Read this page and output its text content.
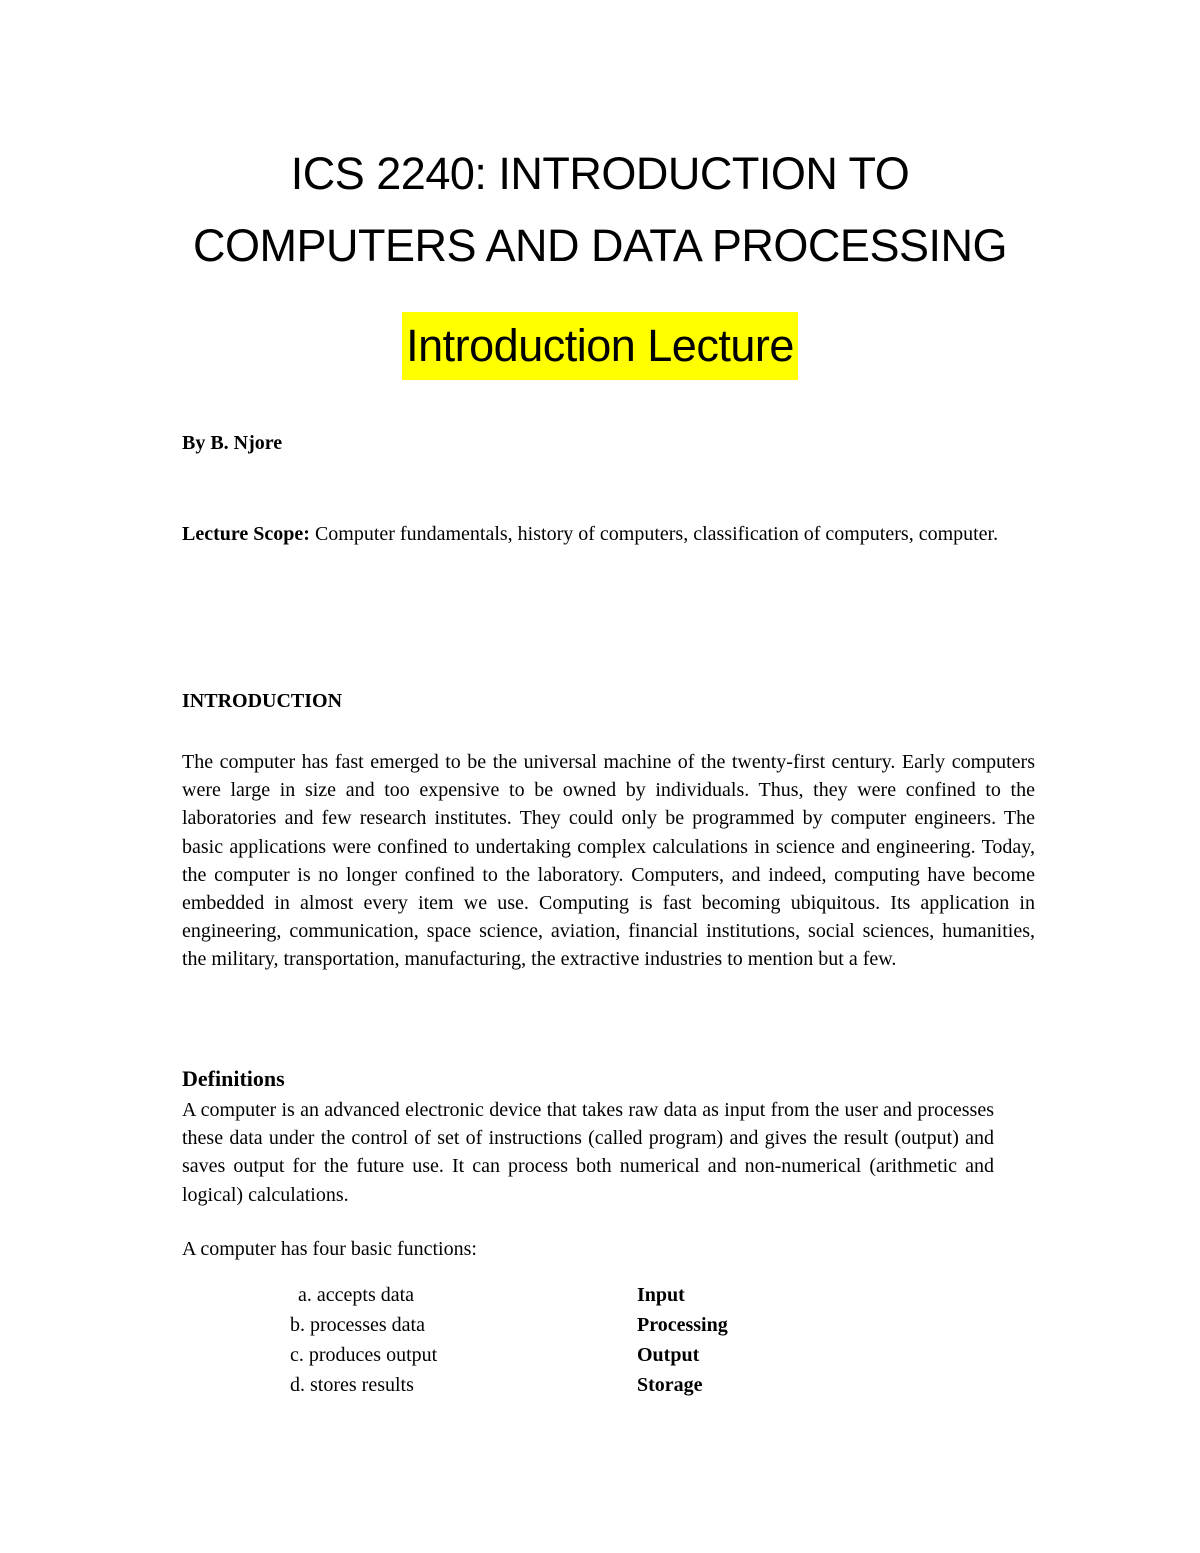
ICS 2240: INTRODUCTION TO
COMPUTERS AND DATA PROCESSING
Introduction Lecture

By B. Njore

Lecture Scope: Computer fundamentals, history of computers, classification of computers, computer.

INTRODUCTION

The computer has fast emerged to be the universal machine of the twenty-first century. Early computers were large in size and too expensive to be owned by individuals. Thus, they were confined to the laboratories and few research institutes. They could only be programmed by computer engineers. The basic applications were confined to undertaking complex calculations in science and engineering. Today, the computer is no longer confined to the laboratory. Computers, and indeed, computing have become embedded in almost every item we use. Computing is fast becoming ubiquitous. Its application in engineering, communication, space science, aviation, financial institutions, social sciences, humanities, the military, transportation, manufacturing, the extractive industries to mention but a few.

Definitions

A computer is an advanced electronic device that takes raw data as input from the user and processes these data under the control of set of instructions (called program) and gives the result (output) and saves output for the future use. It can process both numerical and non-numerical (arithmetic and logical) calculations.

A computer has four basic functions:

a. accepts data	Input
b. processes data	Processing
c. produces output	Output
d. stores results	Storage
